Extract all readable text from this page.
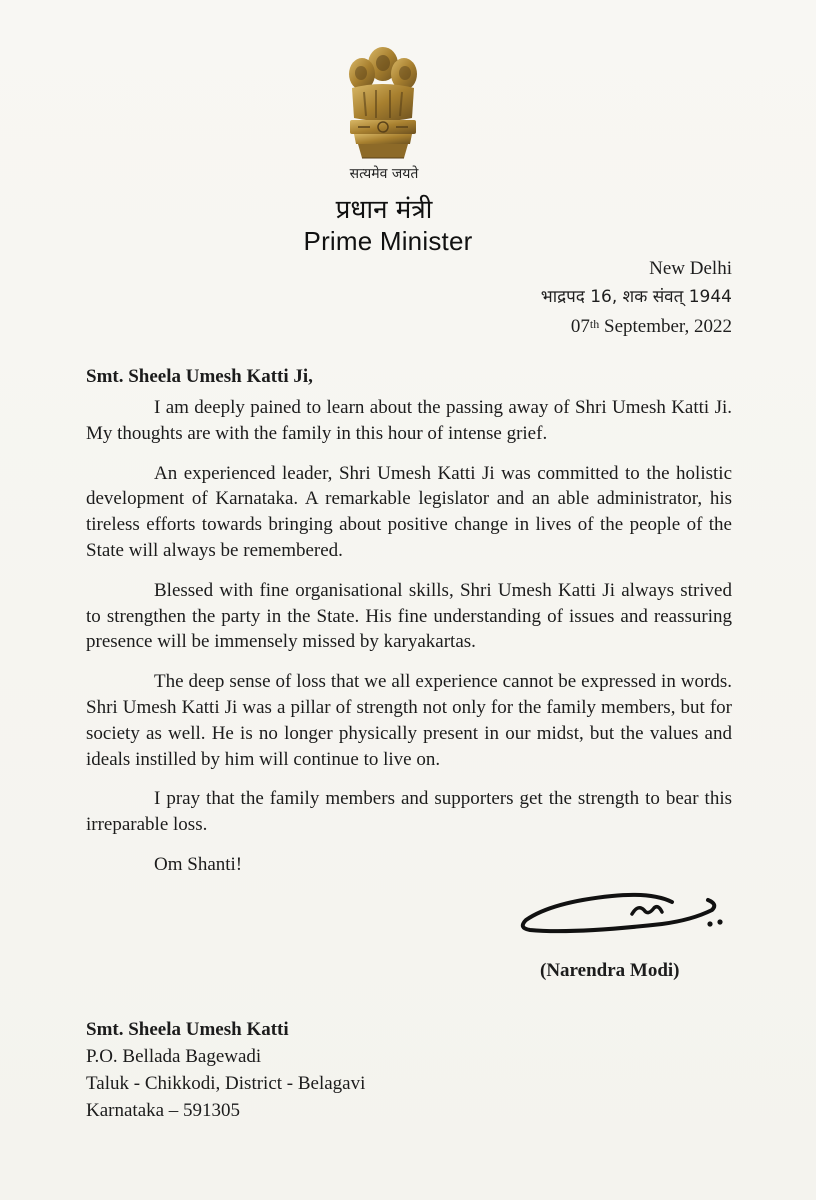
सत्यमेव जयते
प्रधान मंत्री
Prime Minister
New Delhi
भाद्रपद 16, शक संवत् 1944
07th September, 2022
Smt. Sheela Umesh Katti Ji,

I am deeply pained to learn about the passing away of Shri Umesh Katti Ji. My thoughts are with the family in this hour of intense grief.

An experienced leader, Shri Umesh Katti Ji was committed to the holistic development of Karnataka. A remarkable legislator and an able administrator, his tireless efforts towards bringing about positive change in lives of the people of the State will always be remembered.

Blessed with fine organisational skills, Shri Umesh Katti Ji always strived to strengthen the party in the State. His fine understanding of issues and reassuring presence will be immensely missed by karyakartas.

The deep sense of loss that we all experience cannot be expressed in words. Shri Umesh Katti Ji was a pillar of strength not only for the family members, but for society as well. He is no longer physically present in our midst, but the values and ideals instilled by him will continue to live on.

I pray that the family members and supporters get the strength to bear this irreparable loss.

Om Shanti!

(Narendra Modi)
Smt. Sheela Umesh Katti
P.O. Bellada Bagewadi
Taluk - Chikkodi, District - Belagavi
Karnataka – 591305
